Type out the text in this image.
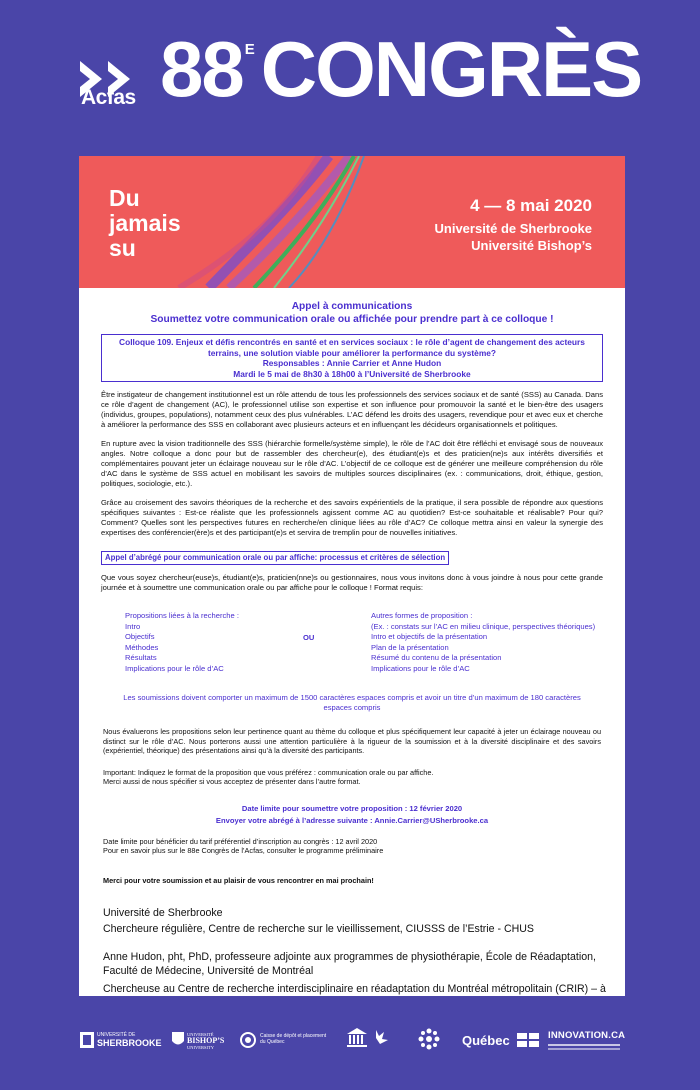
Acfas 88 $^E$CONGRÈS
Du
jamais
su
4 — 8 mai 2020
Université de Sherbrooke
Université Bishop’s
Appel à communications
Soumettez votre communication orale ou affichée pour prendre part à ce colloque !
Colloque 109. Enjeux et défis rencontrés en santé et en services sociaux : le rôle d’agent de changement des acteurs terrains, une solution viable pour améliorer la performance du système?
Responsables : Annie Carrier et Anne Hudon
Mardi le 5 mai de 8h30 à 18h00 à l’Université de Sherbrooke

Être instigateur de changement institutionnel est un rôle attendu de tous les professionnels des services sociaux et de santé (SSS) au Canada. Dans ce rôle d’agent de changement (AC), le professionnel utilise son expertise et son influence pour promouvoir la santé et le bien-être des usagers (individus, groupes, populations), notamment ceux des plus vulnérables. L’AC défend les droits des usagers, revendique pour et avec eux et cherche à améliorer la performance des SSS en collaborant avec plusieurs acteurs et en influençant les décideurs organisationnels et politiques.

En rupture avec la vision traditionnelle des SSS (hiérarchie formelle/système simple), le rôle de l’AC doit être réfléchi et envisagé sous de nouveaux angles. Notre colloque a donc pour but de rassembler des chercheur(e), des étudiant(e)s et des praticien(ne)s aux intérêts diversifiés et complémentaires pouvant jeter un éclairage nouveau sur le rôle d’AC. L’objectif de ce colloque est de générer une meilleure compréhension du rôle d’AC dans le système de SSS actuel en mobilisant les savoirs de multiples sources disciplinaires (ex. : communications, droit, éthique, gestion, politiques, sociologie, etc.).

Grâce au croisement des savoirs théoriques de la recherche et des savoirs expérientiels de la pratique, il sera possible de répondre aux questions spécifiques suivantes : Est-ce réaliste que les professionnels agissent comme AC au quotidien? Est-ce souhaitable et réalisable? Pour qui? Comment? Quelles sont les perspectives futures en recherche/en clinique liées au rôle d’AC? Ce colloque mettra ainsi en valeur la synergie des expertises des conférencier(ère)s et des participant(e)s et servira de tremplin pour de nouvelles initiatives.

Appel d’abrégé pour communication orale ou par affiche: processus et critères de sélection

Que vous soyez chercheur(euse)s, étudiant(e)s, praticien(nne)s ou gestionnaires, nous vous invitons donc à vous joindre à nous pour cette grande journée et à soumettre une communication orale ou par affiche pour le colloque ! Format requis:

Propositions liées à la recherche :
Intro
Objectifs
Méthodes
Résultats
Implications pour le rôle d’AC
OU
Autres formes de proposition :
(Ex. : constats sur l’AC en milieu clinique, perspectives théoriques)
Intro et objectifs de la présentation
Plan de la présentation
Résumé du contenu de la présentation
Implications pour le rôle d’AC

Les soumissions doivent comporter un maximum de 1500 caractères espaces compris et avoir un titre d’un maximum de 180 caractères espaces compris

Nous évaluerons les propositions selon leur pertinence quant au thème du colloque et plus spécifiquement leur capacité à jeter un éclairage nouveau ou distinct sur le rôle d’AC. Nous porterons aussi une attention particulière à la rigueur de la soumission et à la diversité disciplinaire et des savoirs (expérientiel, théorique) des présentations ainsi qu’à la diversité des participants.

Important: Indiquez le format de la proposition que vous préférez : communication orale ou par affiche.
Merci aussi de nous spécifier si vous acceptez de présenter dans l’autre format.
Date limite pour soumettre votre proposition : 12 février 2020
Envoyer votre abrégé à l’adresse suivante : Annie.Carrier@USherbrooke.ca
Date limite pour bénéficier du tarif préférentiel d’inscription au congrès : 12 avril 2020
Pour en savoir plus sur le 88e Congrès de l’Acfas, consulter le programme préliminaire

Merci pour votre soumission et au plaisir de vous rencontrer en mai prochain!

Université de Sherbrooke

Chercheure régulière, Centre de recherche sur le vieillissement, CIUSSS de l’Estrie - CHUS

Anne Hudon, pht, PhD, professeure adjointe aux programmes de physiothérapie, École de Réadaptation,

Faculté de Médecine, Université de Montréal

Chercheuse au Centre de recherche interdisciplinaire en réadaptation du Montréal métropolitain (CRIR) – à

UNIVERSITÉ DE
SHERBROOKE
UNIVERSITÉ
BISHOP’S
UNIVERSITY
Caisse de dépôt et placement
du Québec	Québec	INNOVATION.CA
